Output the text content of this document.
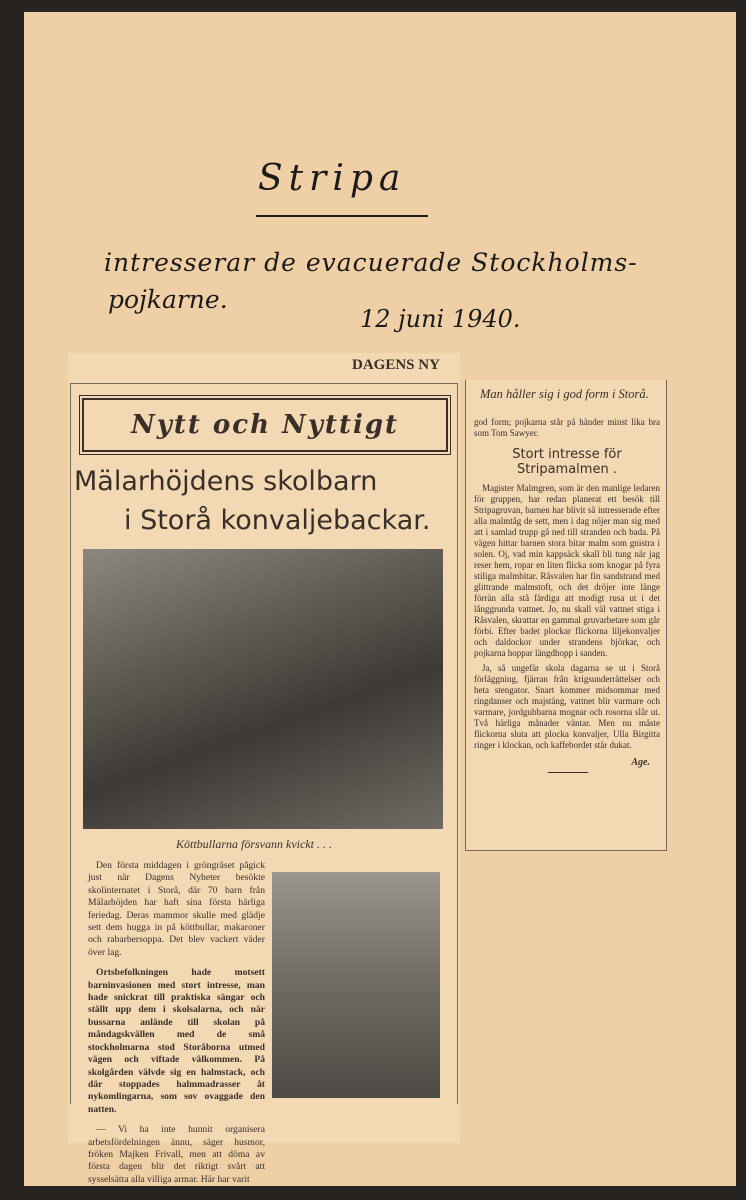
Stripa
intresserar de evacuerade Stockholms-
pojkarne.
12 juni 1940.
DAGENS NY
Nytt och Nyttigt
Mälarhöjdens skolbarn
i Storå konvaljebackar.
Köttbullarna försvann kvickt . . .

Den första middagen i gröngräset pågick just när Dagens Nyheter besökte skolinternatet i Storå, där 70 barn från Mälarhöjden har haft sina första härliga feriedag. Deras mammor skulle med glädje sett dem hugga in på köttbullar, makaroner och rabarbersoppa. Det blev vackert väder över lag.

Ortsbefolkningen hade motsett barninvasionen med stort intresse, man hade snickrat till praktiska sängar och ställt upp dem i skolsalarna, och när bussarna anlände till skolan på måndagskvällen med de små stockholmarna stod Storåborna utmed vägen och viftade välkommen. På skolgården välvde sig en halmstack, och där stoppades halmmadrasser åt nykomlingarna, som sov ovaggade den natten.

— Vi ha inte hunnit organisera arbetsfördelningen ännu, säger husmor, fröken Majken Frivall, men att döma av första dagen blir det riktigt svårt att sysselsätta alla villiga armar. Här har varit

Man håller sig i god form i Storå.

god form; pojkarna står på händer minst lika bra som Tom Sawyer.

Stort intresse för
Stripamalmen .

Magister Malmgren, som är den manlige ledaren för gruppen, har redan planerat ett besök till Stripagruvan, barnen har blivit så intresserade efter alla malmtåg de sett, men i dag nöjer man sig med att i samlad trupp gå ned till stranden och bada. På vägen hittar barnen stora bitar malm som gnistra i solen. Oj, vad min kappsäck skall bli tung när jag reser hem, ropar en liten flicka som knogar på fyra stiliga malmbitar. Råsvalen har fin sandstrand med glittrande malmstoft, och det dröjer inte länge förrän alla stå färdiga att modigt rusa ut i det långgrunda vattnet. Jo, nu skall väl vattnet stiga i Råsvalen, skrattar en gammal gruvarbetare som går förbi. Efter badet plockar flickorna liljekonvaljer och daldockor under strandens björkar, och pojkarna hoppar längdhopp i sanden.

Ja, så ungefär skola dagarna se ut i Storå förläggning, fjärran från krigsunderrättelser och heta stengator. Snart kommer midsommar med ringdanser och majstång, vattnet blir varmare och varmare, jordgubbarna mognar och rosorna slår ut. Två härliga månader väntar. Men nu måste flickorna sluta att plocka konvaljer, Ulla Birgitta ringer i klockan, och kaffebordet står dukat.

Age.
